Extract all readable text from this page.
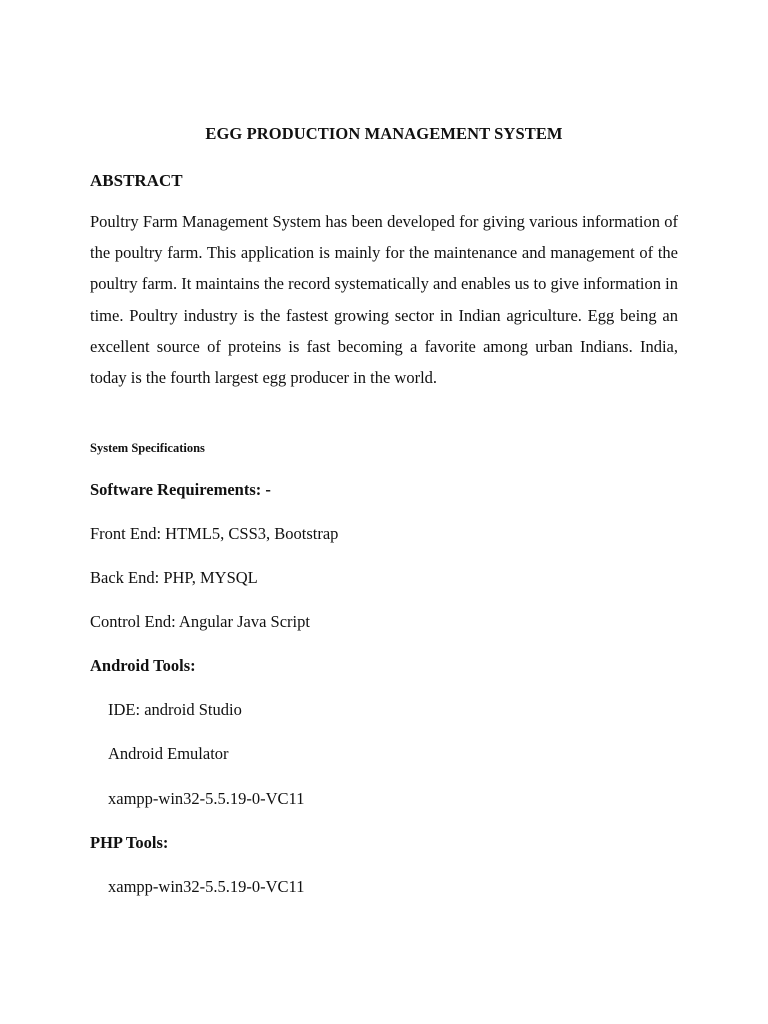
EGG PRODUCTION MANAGEMENT SYSTEM
ABSTRACT

Poultry Farm Management System has been developed for giving various information of the poultry farm. This application is mainly for the maintenance and management of the poultry farm. It maintains the record systematically and enables us to give information in time. Poultry industry is the fastest growing sector in Indian agriculture. Egg being an excellent source of proteins is fast becoming a favorite among urban Indians. India, today is the fourth largest egg producer in the world.

System Specifications
Software Requirements: -
Front End: HTML5, CSS3, Bootstrap
Back End: PHP, MYSQL
Control End: Angular Java Script
Android Tools:
IDE: android Studio
Android Emulator
xampp-win32-5.5.19-0-VC11
PHP Tools:
xampp-win32-5.5.19-0-VC11
